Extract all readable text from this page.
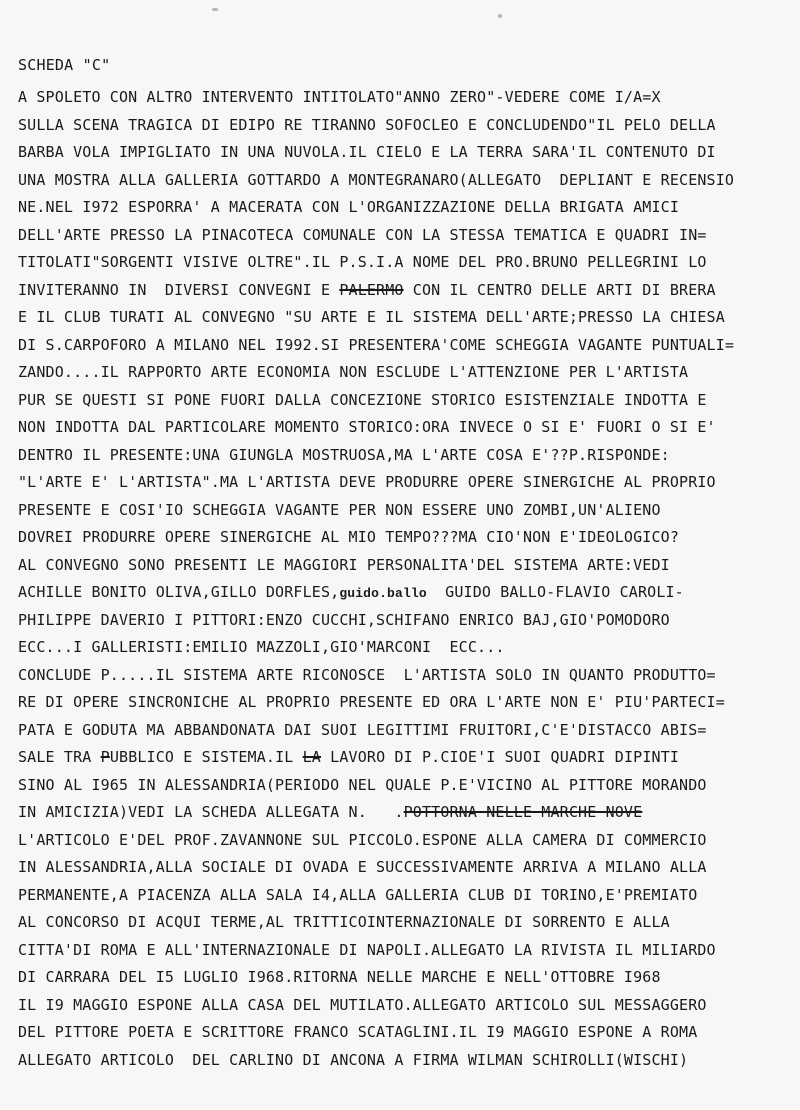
SCHEDA "C"
A SPOLETO CON ALTRO INTERVENTO INTITOLATO"ANNO ZERO"-VEDERE COME I/A=X
SULLA SCENA TRAGICA DI EDIPO RE TIRANNO SOFOCLEO E CONCLUDENDO"IL PELO DELLA
BARBA VOLA IMPIGLIATO IN UNA NUVOLA.IL CIELO E LA TERRA SARA'IL CONTENUTO DI
UNA MOSTRA ALLA GALLERIA GOTTARDO A MONTEGRANARO(ALLEGATO  DEPLIANT E RECENSIO
NE.NEL I972 ESPORRA' A MACERATA CON L'ORGANIZZAZIONE DELLA BRIGATA AMICI
DELL'ARTE PRESSO LA PINACOTECA COMUNALE CON LA STESSA TEMATICA E QUADRI IN=
TITOLATI"SORGENTI VISIVE OLTRE".IL P.S.I.A NOME DEL PRO.BRUNO PELLEGRINI LO
INVITERANNO IN  DIVERSI CONVEGNI E PALERMO CON IL CENTRO DELLE ARTI DI BRERA
E IL CLUB TURATI AL CONVEGNO "SU ARTE E IL SISTEMA DELL'ARTE;PRESSO LA CHIESA
DI S.CARPOFORO A MILANO NEL I992.SI PRESENTERA'COME SCHEGGIA VAGANTE PUNTUALI=
ZANDO....IL RAPPORTO ARTE ECONOMIA NON ESCLUDE L'ATTENZIONE PER L'ARTISTA
PUR SE QUESTI SI PONE FUORI DALLA CONCEZIONE STORICO ESISTENZIALE INDOTTA E
NON INDOTTA DAL PARTICOLARE MOMENTO STORICO:ORA INVECE O SI E' FUORI O SI E'
DENTRO IL PRESENTE:UNA GIUNGLA MOSTRUOSA,MA L'ARTE COSA E'??P.RISPONDE:
"L'ARTE E' L'ARTISTA".MA L'ARTISTA DEVE PRODURRE OPERE SINERGICHE AL PROPRIO
PRESENTE E COSI'IO SCHEGGIA VAGANTE PER NON ESSERE UNO ZOMBI,UN'ALIENO
DOVREI PRODURRE OPERE SINERGICHE AL MIO TEMPO???MA CIO'NON E'IDEOLOGICO?
AL CONVEGNO SONO PRESENTI LE MAGGIORI PERSONALITA'DEL SISTEMA ARTE:VEDI
ACHILLE BONITO OLIVA,GILLO DORFLES,guido.ballo  GUIDO BALLO-FLAVIO CAROLI-
PHILIPPE DAVERIO I PITTORI:ENZO CUCCHI,SCHIFANO ENRICO BAJ,GIO'POMODORO
ECC...I GALLERISTI:EMILIO MAZZOLI,GIO'MARCONI  ECC...
CONCLUDE P.....IL SISTEMA ARTE RICONOSCE  L'ARTISTA SOLO IN QUANTO PRODUTTO=
RE DI OPERE SINCRONICHE AL PROPRIO PRESENTE ED ORA L'ARTE NON E' PIU'PARTECI=
PATA E GODUTA MA ABBANDONATA DAI SUOI LEGITTIMI FRUITORI,C'E'DISTACCO ABIS=
SALE TRA PUBBLICO E SISTEMA.IL LA LAVORO DI P.CIOE'I SUOI QUADRI DIPINTI
SINO AL I965 IN ALESSANDRIA(PERIODO NEL QUALE P.E'VICINO AL PITTORE MORANDO
IN AMICIZIA)VEDI LA SCHEDA ALLEGATA N.   .POTTORNA NELLE MARCHE NOVE
L'ARTICOLO E'DEL PROF.ZAVANNONE SUL PICCOLO.ESPONE ALLA CAMERA DI COMMERCIO
IN ALESSANDRIA,ALLA SOCIALE DI OVADA E SUCCESSIVAMENTE ARRIVA A MILANO ALLA
PERMANENTE,A PIACENZA ALLA SALA I4,ALLA GALLERIA CLUB DI TORINO,E'PREMIATO
AL CONCORSO DI ACQUI TERME,AL TRITTICOINTERNAZIONALE DI SORRENTO E ALLA
CITTA'DI ROMA E ALL'INTERNAZIONALE DI NAPOLI.ALLEGATO LA RIVISTA IL MILIARDO
DI CARRARA DEL I5 LUGLIO I968.RITORNA NELLE MARCHE E NELL'OTTOBRE I968
IL I9 MAGGIO ESPONE ALLA CASA DEL MUTILATO.ALLEGATO ARTICOLO SUL MESSAGGERO
DEL PITTORE POETA E SCRITTORE FRANCO SCATAGLINI.IL I9 MAGGIO ESPONE A ROMA
ALLEGATO ARTICOLO  DEL CARLINO DI ANCONA A FIRMA WILMAN SCHIROLLI(WISCHI)
